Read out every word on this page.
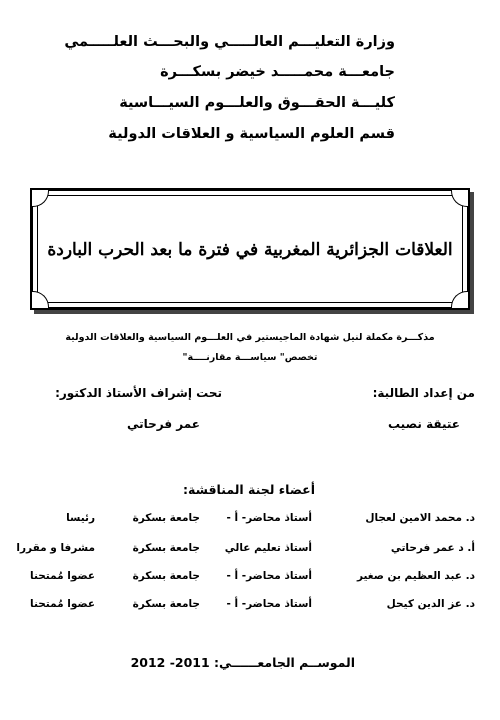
وزارة التعليـــم العالـــــي والبحـــث العلـــــمي
جامعـــة محمـــــد خيضر بسكـــرة
كليـــة الحقـــوق والعلـــوم السيـــاسية
قسم العلوم السياسية و العلاقات الدولية
العلاقات الجزائرية المغربية في فترة ما بعد الحرب الباردة
مذكـــرة مكملة لنيل شهادة الماجيستير في العلـــوم السياسية والعلاقات الدولية
تخصص" سياســـة مقارنــــة"
من إعداد الطالبة:
تحت إشراف الأستاذ الدكتور:
عتيقة نصيب
عمر فرحاتي
أعضاء لجنة المناقشة:
د. محمد الامين لعجال
أستاذ محاضر- أ -
جامعة بسكرة
رئيسا
أ. د عمر فرحاتي
أستاذ تعليم عالي
جامعة بسكرة
مشرفا و مقررا
د. عبد العظيم بن صغير
أستاذ محاضر- أ -
جامعة بسكرة
عضوا مُمتحنا
د. عز الدين كيحل
أستاذ محاضر- أ -
جامعة بسكرة
عضوا مُمتحنا
الموســم الجامعــــــي: 2011- 2012
